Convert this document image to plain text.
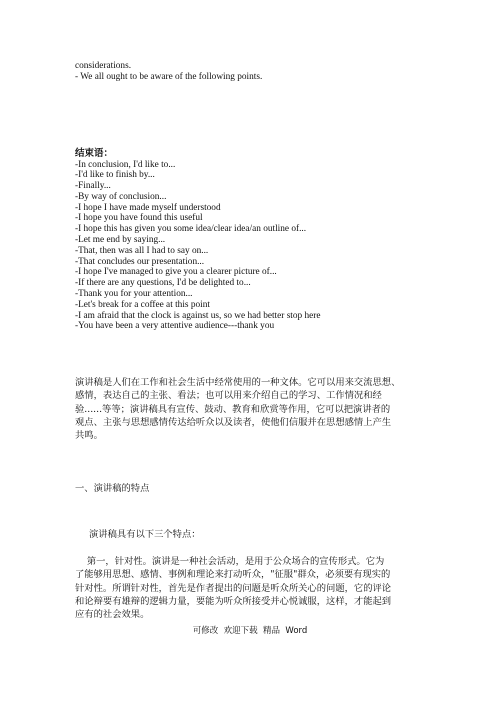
considerations.
- We all ought to be aware of the following points.
结束语：
-In conclusion, I'd like to...
-I'd like to finish by...
-Finally...
-By way of conclusion...
-I hope I have made myself understood
-I hope you have found this useful
-I hope this has given you some idea/clear idea/an outline of...
-Let me end by saying...
-That, then was all I had to say on...
-That concludes our presentation...
-I hope I've managed to give you a clearer picture of...
-If there are any questions, I'd be delighted to...
-Thank you for your attention...
-Let's break for a coffee at this point
-I am afraid that the clock is against us, so we had better stop here
-You have been a very attentive audience---thank you
演讲稿是人们在工作和社会生活中经常使用的一种文体。它可以用来交流思想、
感情，表达自己的主张、看法；也可以用来介绍自己的学习、工作情况和经
验......等等；演讲稿具有宣传、鼓动、教育和欣赏等作用，它可以把演讲者的
观点、主张与思想感情传达给听众以及读者，使他们信服并在思想感情上产生
共鸣。
一、演讲稿的特点
演讲稿具有以下三个特点：
第一，针对性。演讲是一种社会活动，是用于公众场合的宣传形式。它为
了能够用思想、感情、事例和理论来打动听众，"征服"群众，必须要有现实的
针对性。所谓针对性，首先是作者提出的问题是听众所关心的问题，它的评论
和论辩要有雄辩的逻辑力量，要能为听众所接受并心悦诚服，这样，才能起到
应有的社会效果。
可修改  欢迎下载  精品  Word
